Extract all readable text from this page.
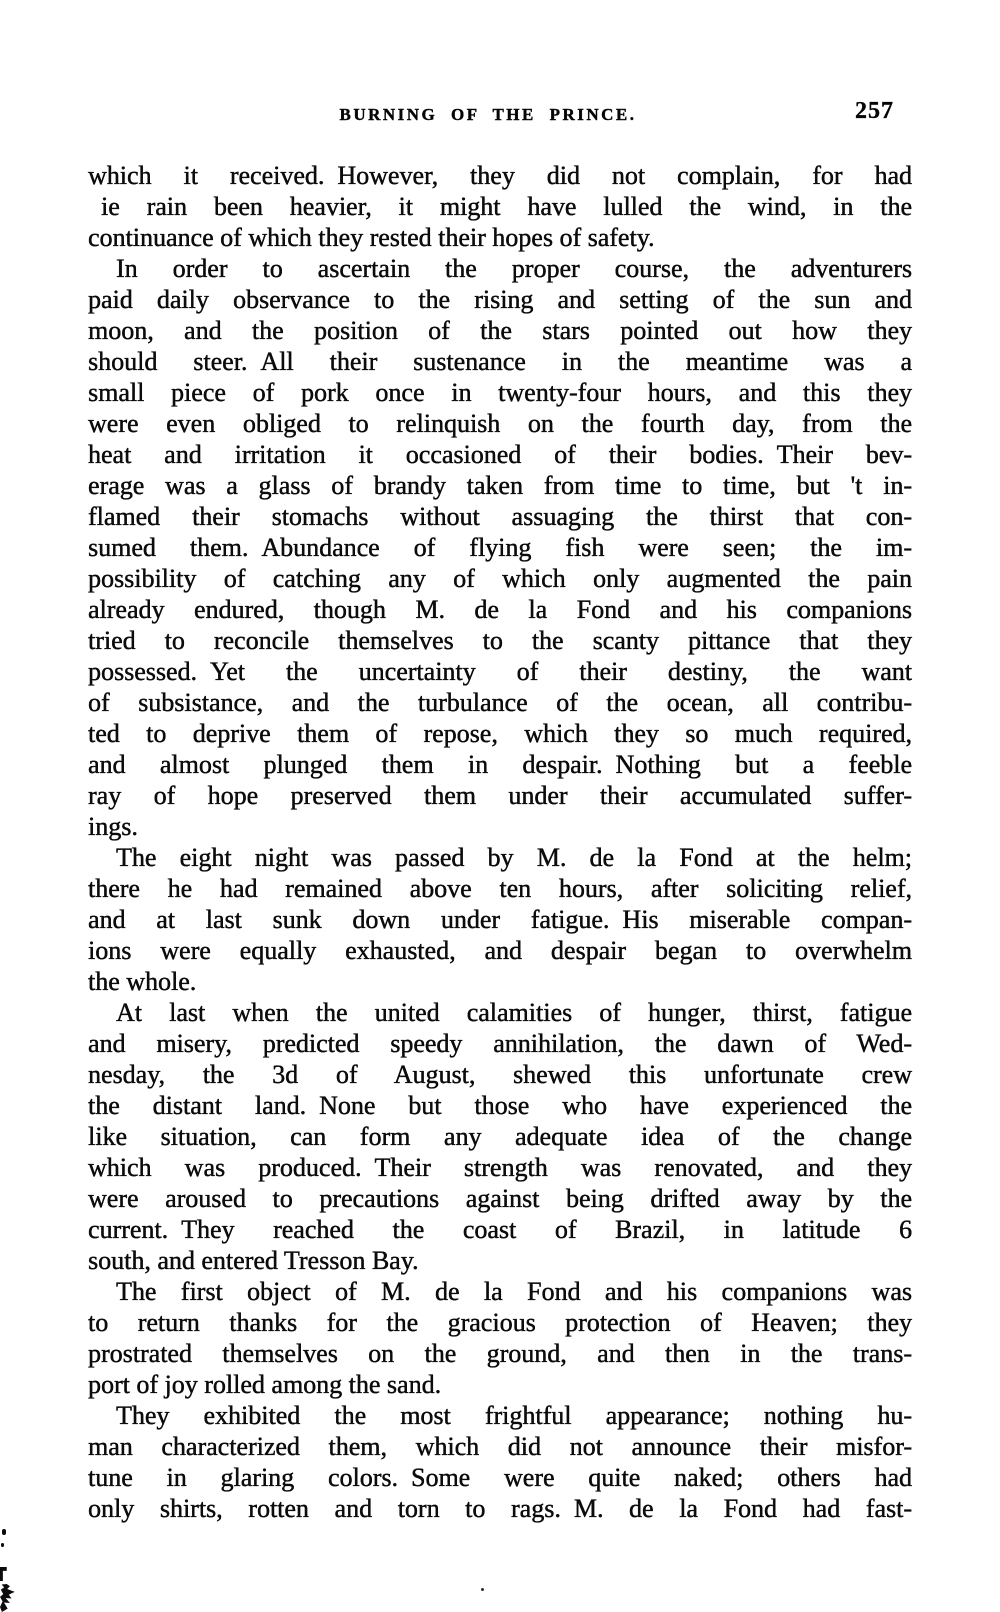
BURNING OF THE PRINCE.	257
which it received. However, they did not complain, for had
 ie rain been heavier, it might have lulled the wind, in the
continuance of which they rested their hopes of safety.
In order to ascertain the proper course, the adventurers
paid daily observance to the rising and setting of the sun and
moon, and the position of the stars pointed out how they
should steer. All their sustenance in the meantime was a
small piece of pork once in twenty-four hours, and this they
were even obliged to relinquish on the fourth day, from the
heat and irritation it occasioned of their bodies. Their bev-
erage was a glass of brandy taken from time to time, but 't in-
flamed their stomachs without assuaging the thirst that con-
sumed them. Abundance of flying fish were seen; the im-
possibility of catching any of which only augmented the pain
already endured, though M. de la Fond and his companions
tried to reconcile themselves to the scanty pittance that they
possessed. Yet the uncertainty of their destiny, the want
of subsistance, and the turbulance of the ocean, all contribu-
ted to deprive them of repose, which they so much required,
and almost plunged them in despair. Nothing but a feeble
ray of hope preserved them under their accumulated suffer-
ings.
The eight night was passed by M. de la Fond at the helm;
there he had remained above ten hours, after soliciting relief,
and at last sunk down under fatigue. His miserable compan-
ions were equally exhausted, and despair began to overwhelm
the whole.
At last when the united calamities of hunger, thirst, fatigue
and misery, predicted speedy annihilation, the dawn of Wed-
nesday, the 3d of August, shewed this unfortunate crew
the distant land. None but those who have experienced the
like situation, can form any adequate idea of the change
which was produced. Their strength was renovated, and they
were aroused to precautions against being drifted away by the
current. They reached the coast of Brazil, in latitude 6
south, and entered Tresson Bay.
The first object of M. de la Fond and his companions was
to return thanks for the gracious protection of Heaven; they
prostrated themselves on the ground, and then in the trans-
port of joy rolled among the sand.
They exhibited the most frightful appearance; nothing hu-
man characterized them, which did not announce their misfor-
tune in glaring colors. Some were quite naked; others had
only shirts, rotten and torn to rags. M. de la Fond had fast-
